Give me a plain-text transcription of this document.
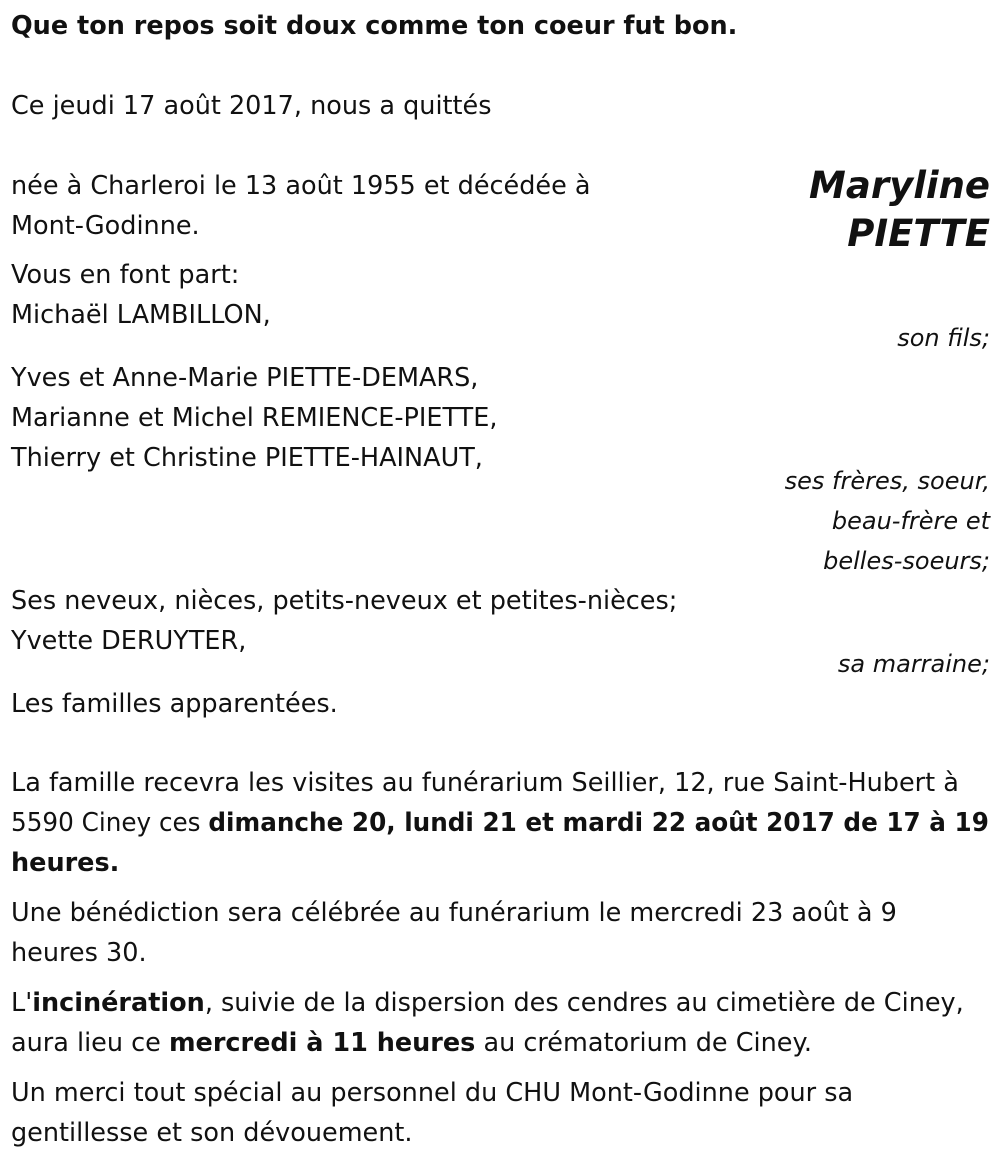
Que ton repos soit doux comme ton coeur fut bon.
Ce jeudi 17 août 2017, nous a quittés
Maryline
PIETTE
née à Charleroi le 13 août 1955 et décédée à
Mont-Godinne.
Vous en font part:
Michaël LAMBILLON,
son fils;
Yves et Anne-Marie PIETTE-DEMARS,
Marianne et Michel REMIENCE-PIETTE,
Thierry et Christine PIETTE-HAINAUT,
ses frères, soeur,
beau-frère et
belles-soeurs;
Ses neveux, nièces, petits-neveux et petites-nièces;
Yvette DERUYTER,
sa marraine;
Les familles apparentées.
La famille recevra les visites au funérarium Seillier, 12, rue Saint-Hubert à
5590 Ciney ces dimanche 20, lundi 21 et mardi 22 août 2017 de 17 à 19
heures.
Une bénédiction sera célébrée au funérarium le mercredi 23 août à 9
heures 30.
L'incinération, suivie de la dispersion des cendres au cimetière de Ciney,
aura lieu ce mercredi à 11 heures au crématorium de Ciney.
Un merci tout spécial au personnel du CHU Mont-Godinne pour sa
gentillesse et son dévouement.
